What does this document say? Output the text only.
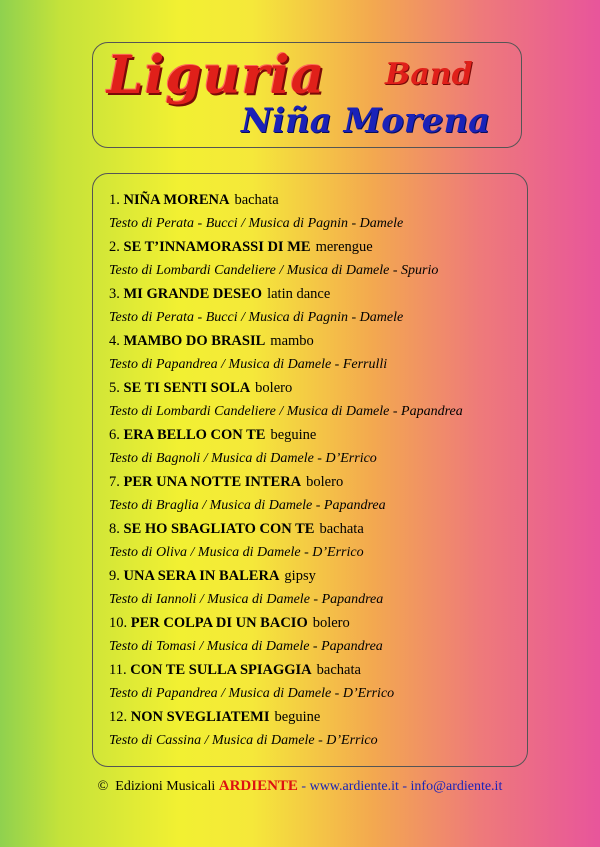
Liguria Band
Niña Morena
1. NIÑA MORENA bachata
Testo di Perata - Bucci / Musica di Pagnin - Damele
2. SE T’INNAMORASSI DI ME merengue
Testo di Lombardi Candeliere / Musica di Damele - Spurio
3. MI GRANDE DESEO latin dance
Testo di Perata - Bucci / Musica di Pagnin - Damele
4. MAMBO DO BRASIL mambo
Testo di Papandrea / Musica di Damele - Ferrulli
5. SE TI SENTI SOLA bolero
Testo di Lombardi Candeliere / Musica di Damele - Papandrea
6. ERA BELLO CON TE beguine
Testo di Bagnoli / Musica di Damele - D’Errico
7. PER UNA NOTTE INTERA bolero
Testo di Braglia / Musica di Damele - Papandrea
8. SE HO SBAGLIATO CON TE bachata
Testo di Oliva / Musica di Damele - D’Errico
9. UNA SERA IN BALERA gipsy
Testo di Iannoli / Musica di Damele - Papandrea
10. PER COLPA DI UN BACIO bolero
Testo di Tomasi / Musica di Damele - Papandrea
11. CON TE SULLA SPIAGGIA bachata
Testo di Papandrea / Musica di Damele - D’Errico
12. NON SVEGLIATEMI beguine
Testo di Cassina / Musica di Damele - D’Errico
© Edizioni Musicali ARDIENTE - www.ardiente.it - info@ardiente.it
